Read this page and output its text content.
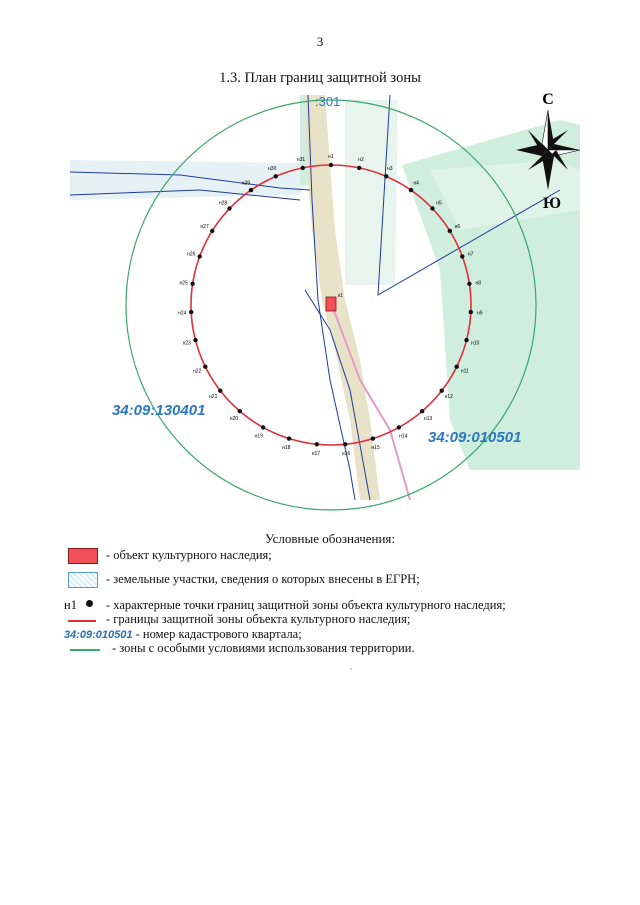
3
1.3. План границ защитной зоны
н1
н2
н3
н4
н5
н6
н7
н8
н9
н10
н11
н12
н13
н14
н15
н16
н17
н18
н19
н20
н21
н22
н23
н24
н25
н26
н27
н28
н29
н30
н31
к1
:301
34:09:130401
34:09:010501
С
Ю
Условные обозначения:
- объект культурного наследия;
- земельные участки, сведения о которых внесены в ЕГРН;
н1 - характерные точки границ защитной зоны объекта культурного наследия;
- границы защитной зоны объекта культурного наследия;
34:09:010501 - номер кадастрового квартала;
- зоны с особыми условиями использования территории.
,
